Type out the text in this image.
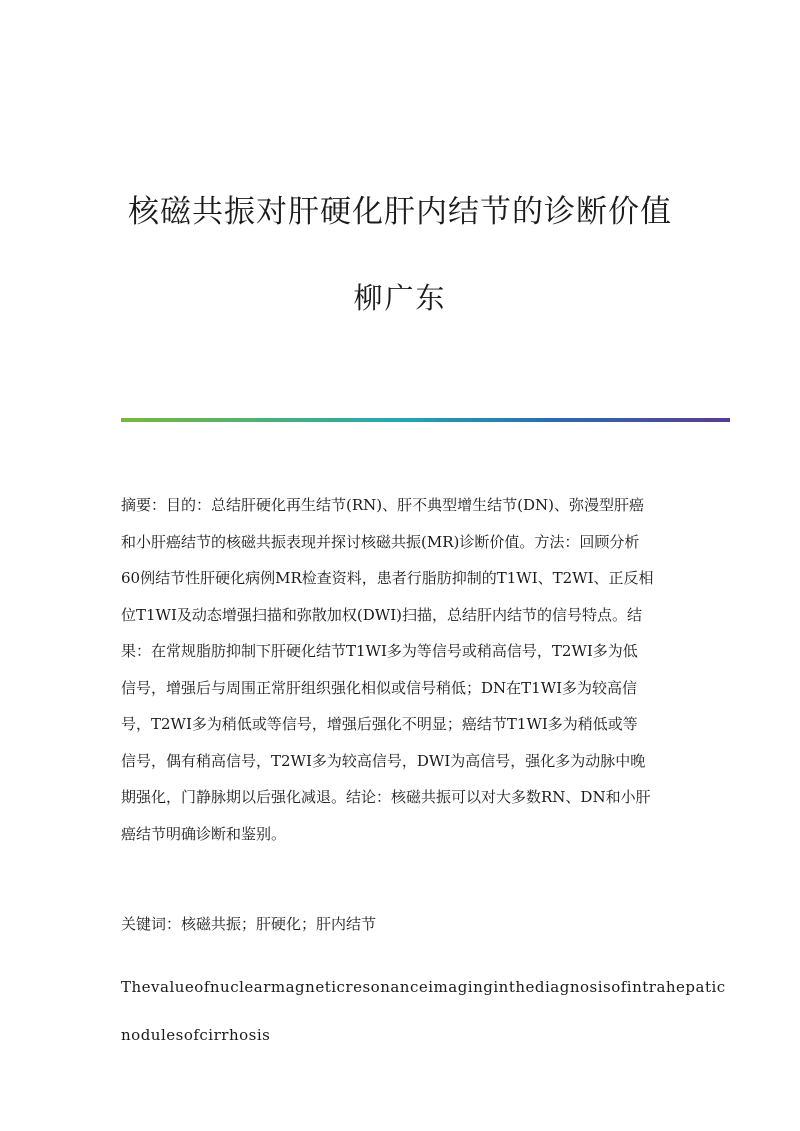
核磁共振对肝硬化肝内结节的诊断价值
柳广东
摘要：目的：总结肝硬化再生结节(RN)、肝不典型增生结节(DN)、弥漫型肝癌
和小肝癌结节的核磁共振表现并探讨核磁共振(MR)诊断价值。方法：回顾分析
60例结节性肝硬化病例MR检查资料，患者行脂肪抑制的T1WI、T2WI、正反相
位T1WI及动态增强扫描和弥散加权(DWI)扫描，总结肝内结节的信号特点。结
果：在常规脂肪抑制下肝硬化结节T1WI多为等信号或稍高信号，T2WI多为低
信号，增强后与周围正常肝组织强化相似或信号稍低；DN在T1WI多为较高信
号，T2WI多为稍低或等信号，增强后强化不明显；癌结节T1WI多为稍低或等
信号，偶有稍高信号，T2WI多为较高信号，DWI为高信号，强化多为动脉中晚
期强化，门静脉期以后强化减退。结论：核磁共振可以对大多数RN、DN和小肝
癌结节明确诊断和鉴别。
关键词：核磁共振；肝硬化；肝内结节
Thevalueofnuclearmagneticresonanceimaginginthediagnosisofintrahepatic
nodulesofcirrhosis
